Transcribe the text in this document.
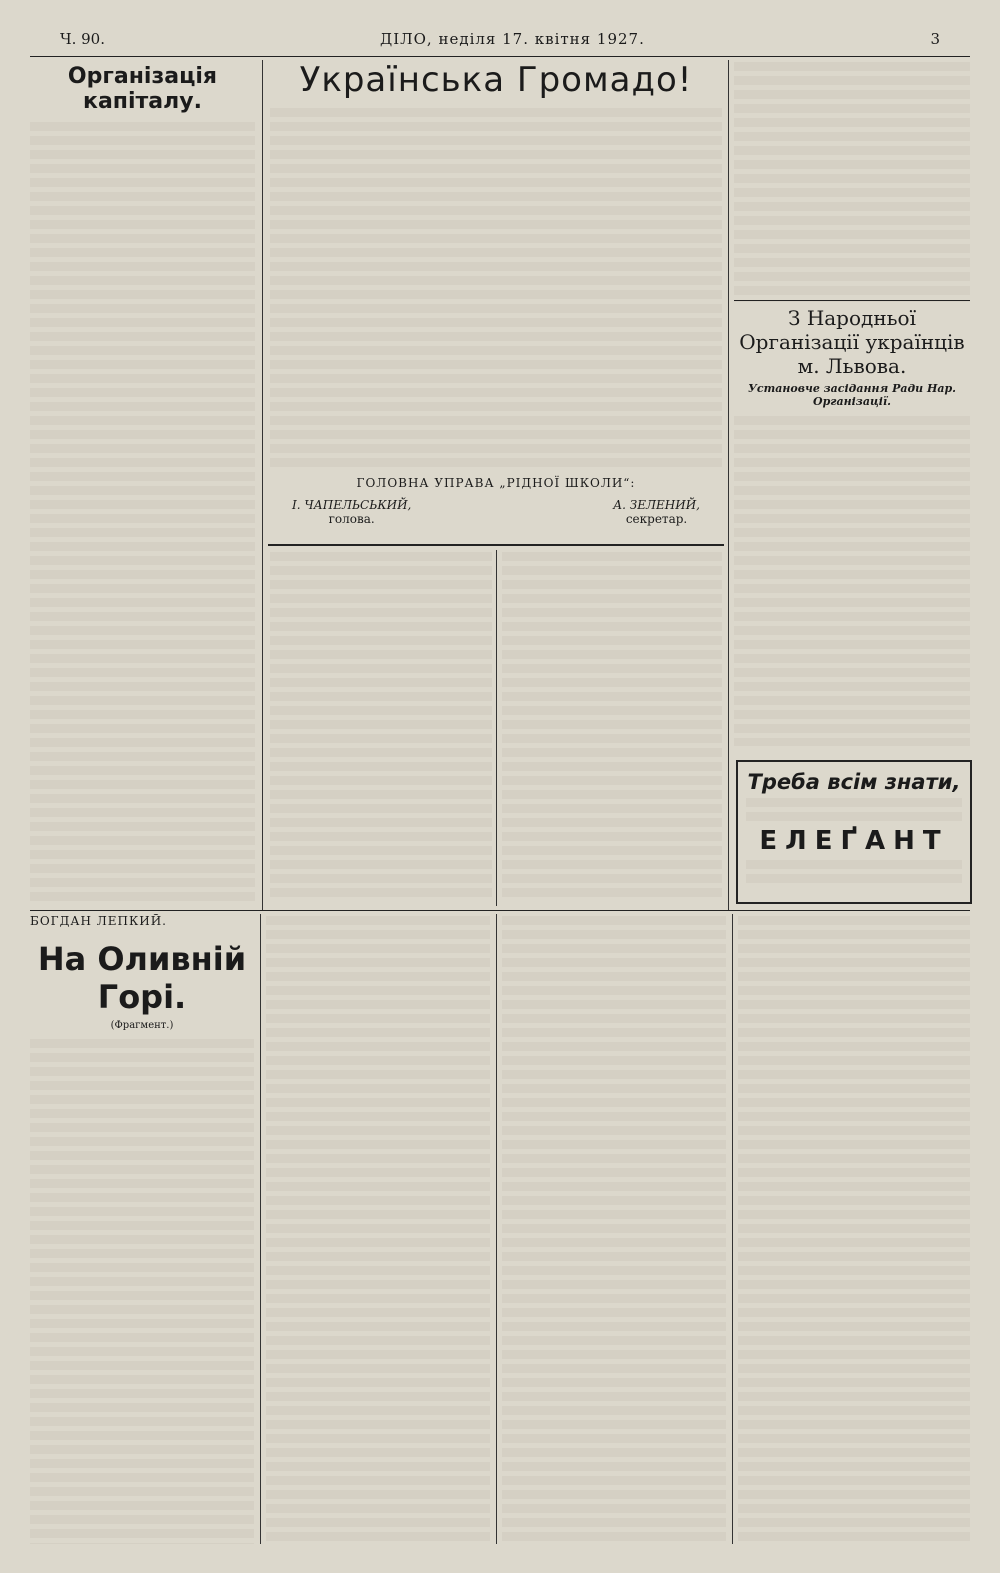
Ч. 90.	ДІЛО, неділя 17. квітня 1927.	3
Організація капіталу.
Українська Громадо!
ГОЛОВНА УПРАВА „РІДНОЇ ШКОЛИ“:
І. ЧАПЕЛЬСЬКИЙ,
голова.
А. ЗЕЛЕНИЙ,
секретар.
З Народньої Організації українців м. Львова.
Установче засідання Ради Нар. Організації.
Треба всім знати,
ЕЛЕҐАНТ
БОГДАН ЛЕПКИЙ.
На Оливній Горі.
(Фрагмент.)
